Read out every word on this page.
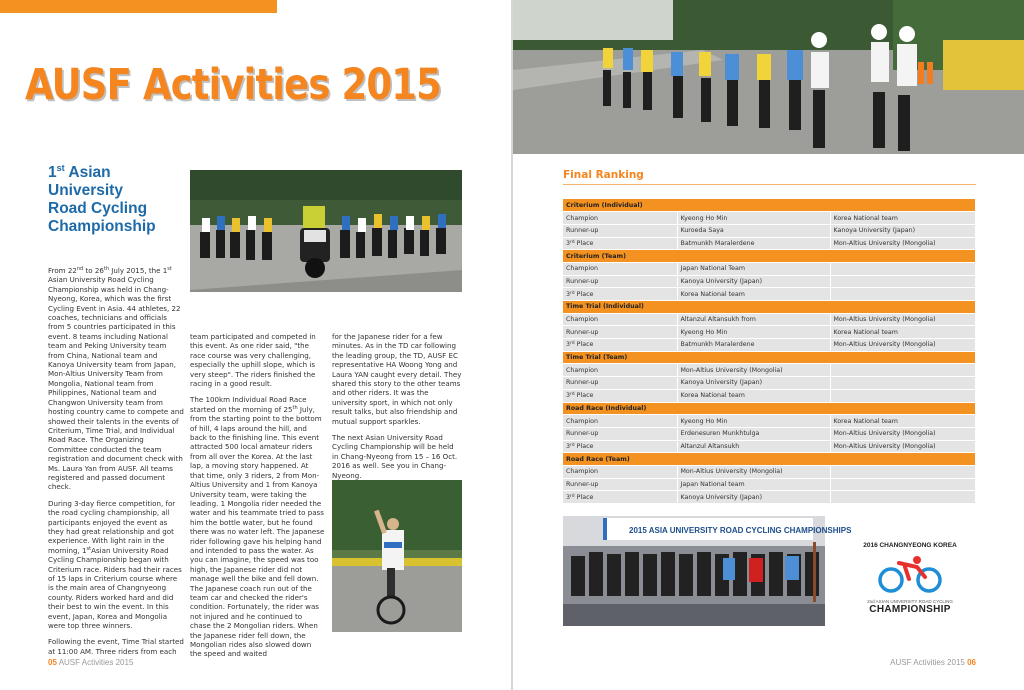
AUSF Activities 2015
1st Asian
University
Road Cycling
Championship

From 22nd to 26th July 2015, the 1st Asian University Road Cycling Championship was held in Chang-Nyeong, Korea, which was the first Cycling Event in Asia. 44 athletes, 22 coaches, technicians and officials from 5 countries participated in this event. 8 teams including National team and Peking University team from China, National team and Kanoya University team from Japan, Mon-Altius University Team from Mongolia, National team from Philippines, National team and Changwon University team from hosting country came to compete and showed their talents in the events of Criterium, Time Trial, and Individual Road Race. The Organizing Committee conducted the team registration and document check with Ms. Laura Yan from AUSF. All teams registered and passed document check.

During 3-day fierce competition, for the road cycling championship, all participants enjoyed the event as they had great relationship and got experience. With light rain in the morning, 1stAsian University Road Cycling Championship began with Criterium race. Riders had their races of 15 laps in Criterium course where is the main area of Changnyeong county. Riders worked hard and did their best to win the event. In this event, Japan, Korea and Mongolia were top three winners.

Following the event, Time Trial started at 11:00 AM. Three riders from each

team participated and competed in this event. As one rider said, "the race course was very challenging, especially the uphill slope, which is very steep". The riders finished the racing in a good result.

The 100km Individual Road Race started on the morning of 25th July, from the starting point to the bottom of hill, 4 laps around the hill, and back to the finishing line. This event attracted 500 local amateur riders from all over the Korea. At the last lap, a moving story happened. At that time, only 3 riders, 2 from Mon-Altius University and 1 from Kanoya University team, were taking the leading. 1 Mongolia rider needed the water and his teammate tried to pass him the bottle water, but he found there was no water left. The Japanese rider following gave his helping hand and intended to pass the water. As you can imagine, the speed was too high, the Japanese rider did not manage well the bike and fell down. The Japanese coach run out of the team car and checked the rider's condition. Fortunately, the rider was not injured and he continued to chase the 2 Mongolian riders. When the Japanese rider fell down, the Mongolian rides also slowed down the speed and waited

for the Japanese rider for a few minutes. As in the TD car following the leading group, the TD, AUSF EC representative HA Woong Yong and Laura YAN caught every detail. They shared this story to the other teams and other riders. It was the university sport, in which not only result talks, but also friendship and mutual support sparkles.

The next Asian University Road Cycling Championship will be held in Chang-Nyeong from 15 – 16 Oct. 2016 as well. See you in Chang-Nyeong.

05 AUSF Activities 2015
Final Ranking
Criterium (Individual)		
Champion	Kyeong Ho Min	Korea National team
Runner-up	Kuroeda Saya	Kanoya University (Japan)
3rd Place	Batmunkh Maralerdene	Mon-Altius University (Mongolia)
Criterium (Team)		
Champion	Japan National Team	
Runner-up	Kanoya University (Japan)	
3rd Place	Korea National team	
Time Trial (Individual)		
Champion	Altanzul Altansukh from	Mon-Altius University (Mongolia)
Runner-up	Kyeong Ho Min	Korea National team
3rd Place	Batmunkh Maralerdene	Mon-Altius University (Mongolia)
Time Trial (Team)		
Champion	Mon-Altius University (Mongolia)	
Runner-up	Kanoya University (Japan)	
3rd Place	Korea National team	
Road Race (Individual)		
Champion	Kyeong Ho Min	Korea National team
Runner-up	Erdenesuren Munkhtulga	Mon-Altius University (Mongolia)
3rd Place	Altanzul Altansukh	Mon-Altius University (Mongolia)
Road Race (Team)		
Champion	Mon-Altius University (Mongolia)	
Runner-up	Japan National team	
3rd Place	Kanoya University (Japan)	
2015 ASIA UNIVERSITY ROAD CYCLING CHAMPIONSHIPS
2016 CHANGNYEONG KOREA
2nd ASIAN UNIVERSITY ROAD CYCLING
CHAMPIONSHIP
AUSF Activities 2015 06
